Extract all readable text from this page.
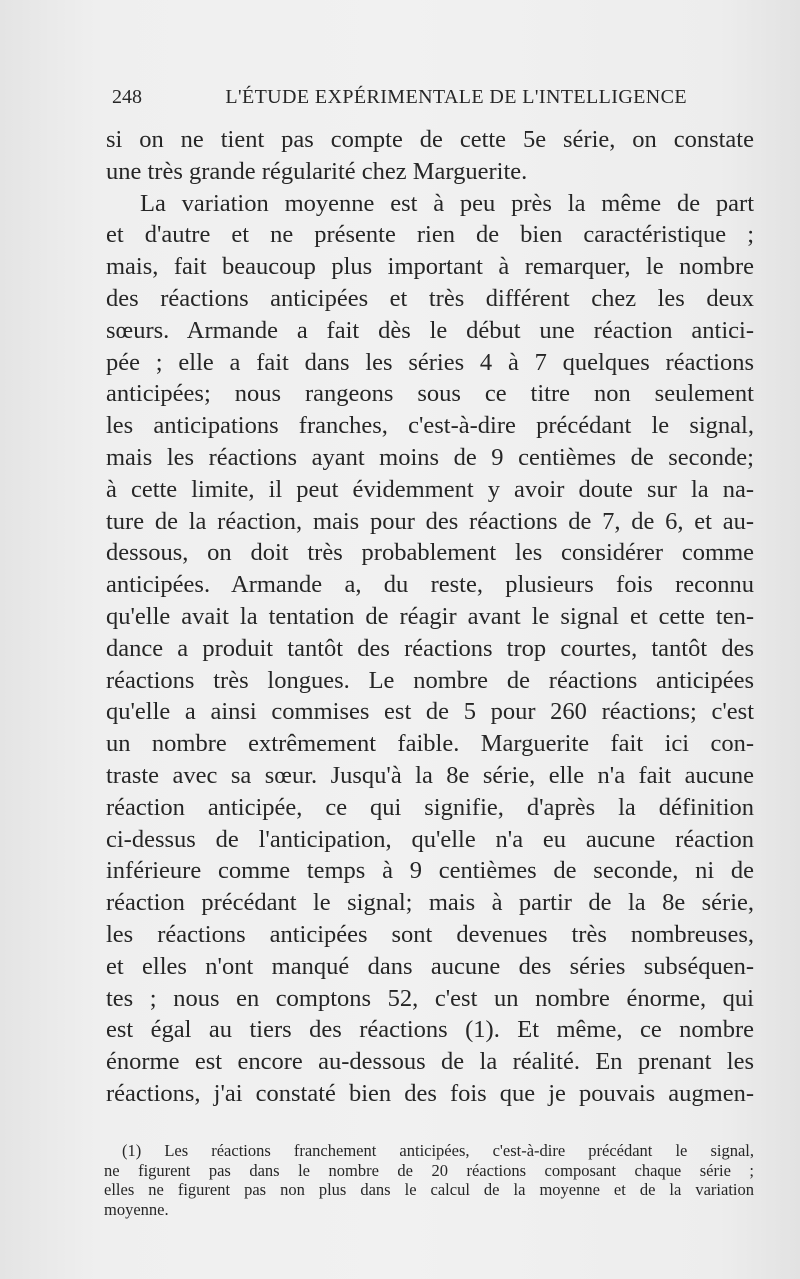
248	L'ÉTUDE EXPÉRIMENTALE DE L'INTELLIGENCE
si on ne tient pas compte de cette 5e série, on constate
une très grande régularité chez Marguerite.
La variation moyenne est à peu près la même de part
et d'autre et ne présente rien de bien caractéristique ;
mais, fait beaucoup plus important à remarquer, le nombre
des réactions anticipées et très différent chez les deux
sœurs. Armande a fait dès le début une réaction antici-
pée ; elle a fait dans les séries 4 à 7 quelques réactions
anticipées; nous rangeons sous ce titre non seulement
les anticipations franches, c'est-à-dire précédant le signal,
mais les réactions ayant moins de 9 centièmes de seconde;
à cette limite, il peut évidemment y avoir doute sur la na-
ture de la réaction, mais pour des réactions de 7, de 6, et au-
dessous, on doit très probablement les considérer comme
anticipées. Armande a, du reste, plusieurs fois reconnu
qu'elle avait la tentation de réagir avant le signal et cette ten-
dance a produit tantôt des réactions trop courtes, tantôt des
réactions très longues. Le nombre de réactions anticipées
qu'elle a ainsi commises est de 5 pour 260 réactions; c'est
un nombre extrêmement faible. Marguerite fait ici con-
traste avec sa sœur. Jusqu'à la 8e série, elle n'a fait aucune
réaction anticipée, ce qui signifie, d'après la définition
ci-dessus de l'anticipation, qu'elle n'a eu aucune réaction
inférieure comme temps à 9 centièmes de seconde, ni de
réaction précédant le signal; mais à partir de la 8e série,
les réactions anticipées sont devenues très nombreuses,
et elles n'ont manqué dans aucune des séries subséquen-
tes ; nous en comptons 52, c'est un nombre énorme, qui
est égal au tiers des réactions (1). Et même, ce nombre
énorme est encore au-dessous de la réalité. En prenant les
réactions, j'ai constaté bien des fois que je pouvais augmen-
(1) Les réactions franchement anticipées, c'est-à-dire précédant le signal,
ne figurent pas dans le nombre de 20 réactions composant chaque série ;
elles ne figurent pas non plus dans le calcul de la moyenne et de la variation
moyenne.
